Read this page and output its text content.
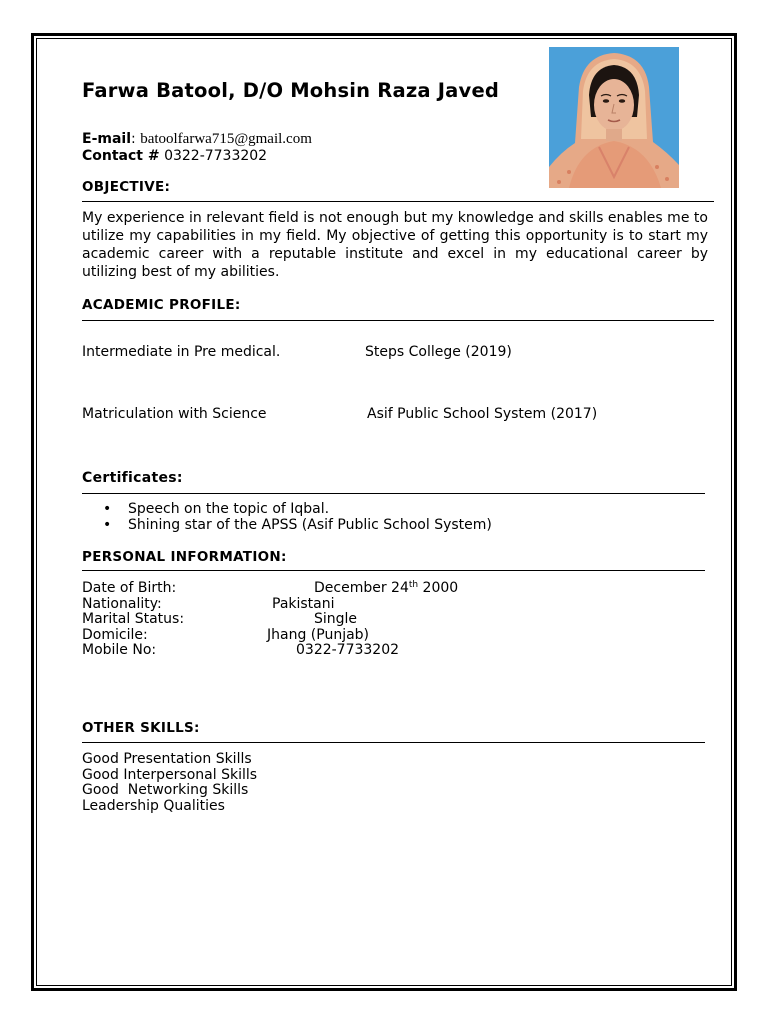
Farwa Batool, D/O Mohsin Raza Javed
E-mail: batoolfarwa715@gmail.com
Contact # 0322-7733202
OBJECTIVE:
My experience in relevant field is not enough but my knowledge and skills enables me to utilize my capabilities in my field. My objective of getting this opportunity is to start my academic career with a reputable institute and excel in my educational career by utilizing best of my abilities.
ACADEMIC PROFILE:
Intermediate in Pre medical.	Steps College (2019)
Matriculation with Science	Asif Public School System (2017)
Certificates:
• Speech on the topic of Iqbal.
• Shining star of the APSS (Asif Public School System)
PERSONAL INFORMATION:
Date of Birth:	December 24th 2000
Nationality:	Pakistani
Marital Status:	Single
Domicile:	Jhang (Punjab)
Mobile No:	0322-7733202
OTHER SKILLS:
Good Presentation Skills
Good Interpersonal Skills
Good  Networking Skills
Leadership Qualities
